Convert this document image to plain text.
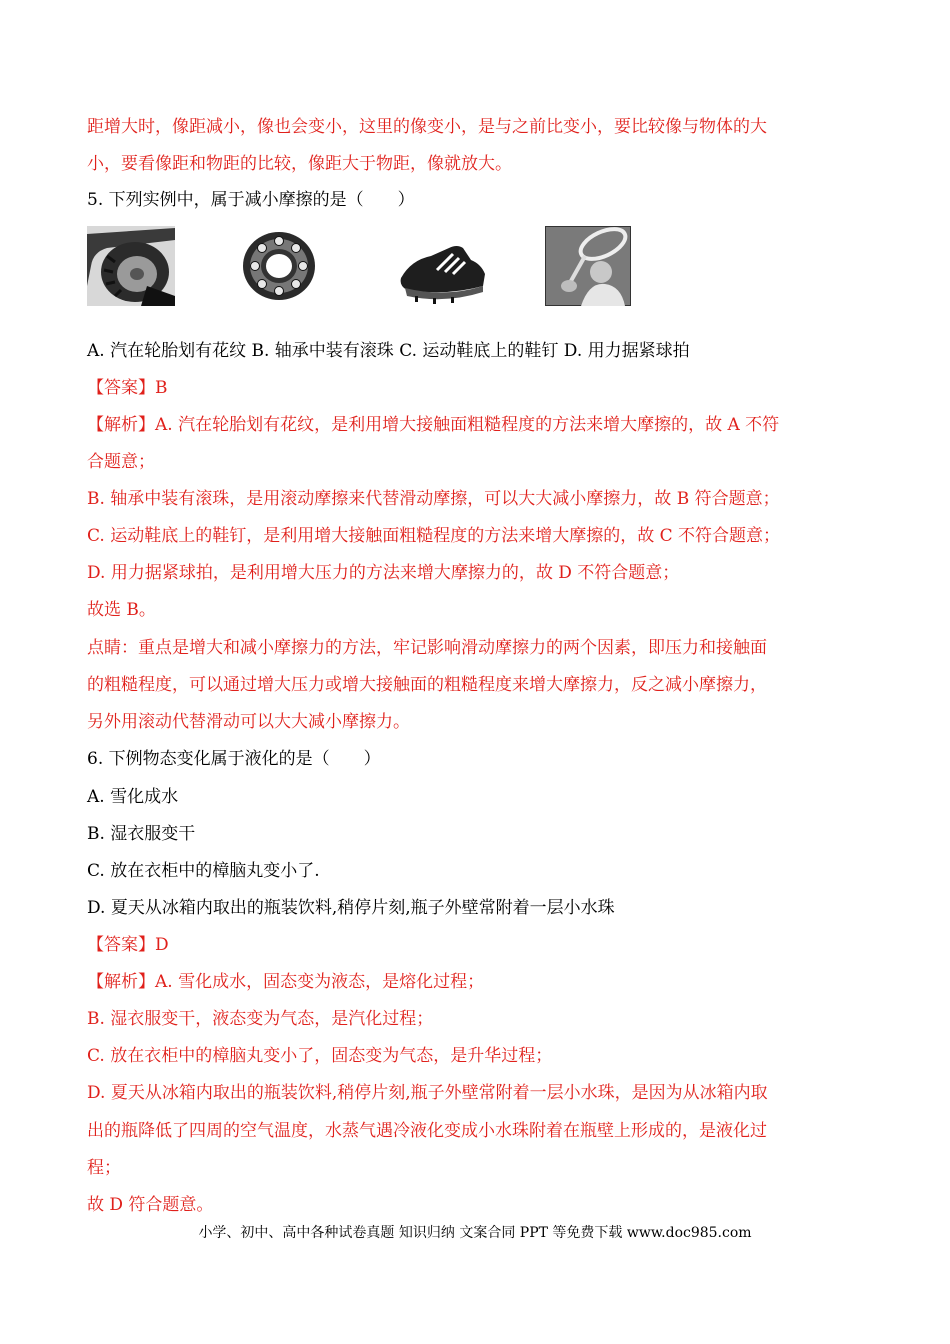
距增大时，像距减小，像也会变小，这里的像变小，是与之前比变小，要比较像与物体的大
小，要看像距和物距的比较，像距大于物距，像就放大。
5. 下列实例中，属于减小摩擦的是（　　）
A. 汽在轮胎划有花纹 B. 轴承中装有滚珠 C. 运动鞋底上的鞋钉 D. 用力据紧球拍
【答案】B
【解析】A. 汽在轮胎划有花纹，是利用增大接触面粗糙程度的方法来增大摩擦的，故 A 不符
合题意；
B. 轴承中装有滚珠，是用滚动摩擦来代替滑动摩擦，可以大大减小摩擦力，故 B 符合题意；
C. 运动鞋底上的鞋钉，是利用增大接触面粗糙程度的方法来增大摩擦的，故 C 不符合题意；
D. 用力据紧球拍，是利用增大压力的方法来增大摩擦力的，故 D 不符合题意；
故选 B。
点睛：重点是增大和减小摩擦力的方法，牢记影响滑动摩擦力的两个因素，即压力和接触面
的粗糙程度，可以通过增大压力或增大接触面的粗糙程度来增大摩擦力，反之减小摩擦力，
另外用滚动代替滑动可以大大减小摩擦力。
6. 下例物态变化属于液化的是（　　）
A. 雪化成水
B. 湿衣服变干
C. 放在衣柜中的樟脑丸变小了.
D. 夏天从冰箱内取出的瓶装饮料,稍停片刻,瓶子外壁常附着一层小水珠
【答案】D
【解析】A. 雪化成水，固态变为液态，是熔化过程；
B. 湿衣服变干，液态变为气态，是汽化过程；
C. 放在衣柜中的樟脑丸变小了，固态变为气态，是升华过程；
D. 夏天从冰箱内取出的瓶装饮料,稍停片刻,瓶子外壁常附着一层小水珠，是因为从冰箱内取
出的瓶降低了四周的空气温度，水蒸气遇冷液化变成小水珠附着在瓶壁上形成的，是液化过
程；
故 D 符合题意。
小学、初中、高中各种试卷真题 知识归纳 文案合同 PPT 等免费下载 www.doc985.com
